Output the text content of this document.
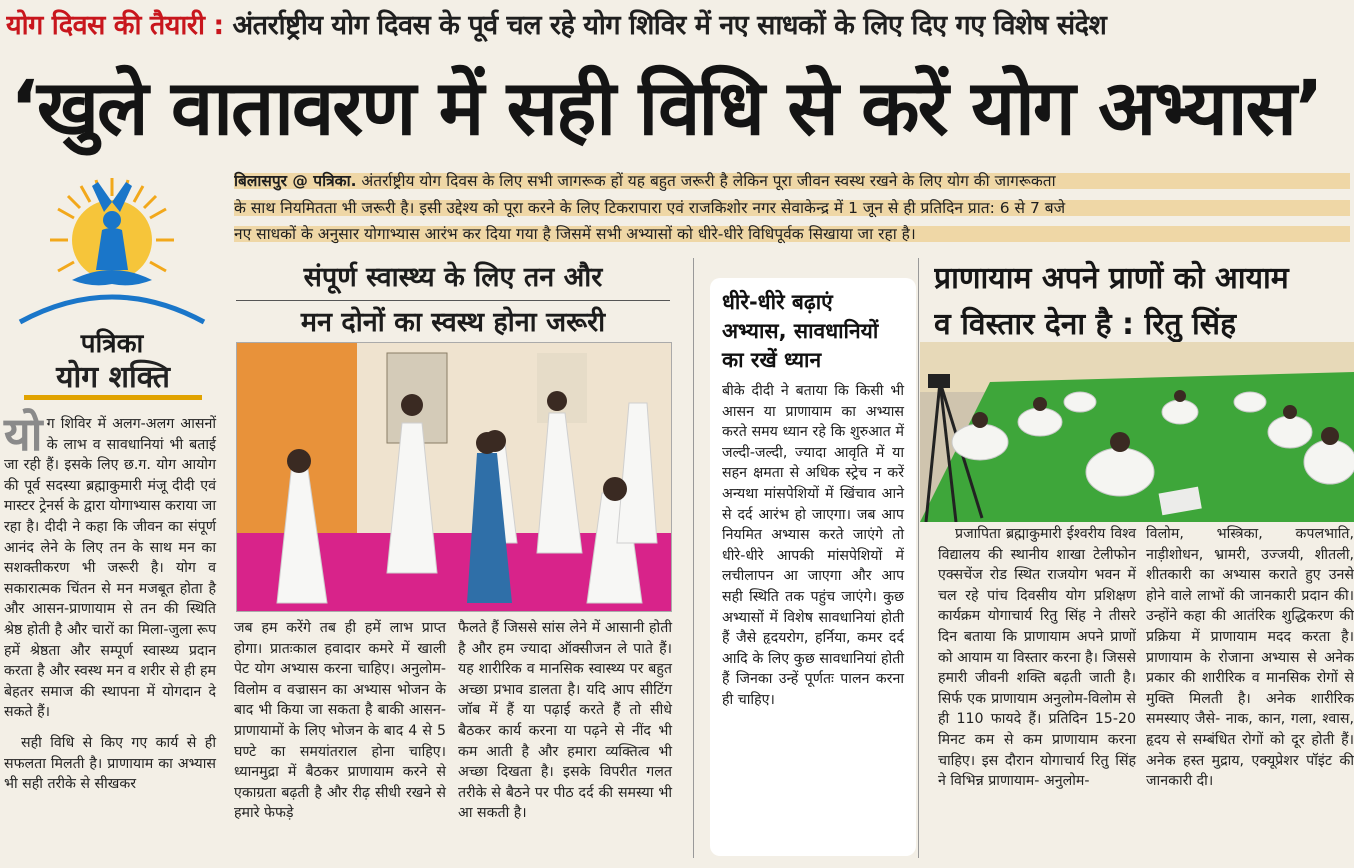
योग दिवस की तैयारी : अंतर्राष्ट्रीय योग दिवस के पूर्व चल रहे योग शिविर में नए साधकों के लिए दिए गए विशेष संदेश
‘खुले वातावरण में सही विधि से करें योग अभ्यास’
बिलासपुर @ पत्रिका. अंतर्राष्ट्रीय योग दिवस के लिए सभी जागरूक हों यह बहुत जरूरी है लेकिन पूरा जीवन स्वस्थ रखने के लिए योग की जागरूकता
के साथ नियमितता भी जरूरी है। इसी उद्देश्य को पूरा करने के लिए टिकरापारा एवं राजकिशोर नगर सेवाकेन्द्र में 1 जून से ही प्रतिदिन प्रात: 6 से 7 बजे
नए साधकों के अनुसार योगाभ्यास आरंभ कर दिया गया है जिसमें सभी अभ्यासों को धीरे-धीरे विधिपूर्वक सिखाया जा रहा है।
पत्रिका
योग शक्ति
यो ग शिविर में अलग-अलग आसनों के लाभ व सावधानियां भी बताई जा रही हैं। इसके लिए छ.ग. योग आयोग की पूर्व सदस्या ब्रह्माकुमारी मंजू दीदी एवं मास्टर ट्रेनर्स के द्वारा योगाभ्यास कराया जा रहा है। दीदी ने कहा कि जीवन का संपूर्ण आनंद लेने के लिए तन के साथ मन का सशक्तीकरण भी जरूरी है। योग व सकारात्मक चिंतन से मन मजबूत होता है और आसन-प्राणायाम से तन की स्थिति श्रेष्ठ होती है और चारों का मिला-जुला रूप हमें श्रेष्ठता और सम्पूर्ण स्वास्थ्य प्रदान करता है और स्वस्थ मन व शरीर से ही हम बेहतर समाज की स्थापना में योगदान दे सकते हैं।

सही विधि से किए गए कार्य से ही सफलता मिलती है। प्राणायाम का अभ्यास भी सही तरीके से सीखकर

संपूर्ण स्वास्थ्य के लिए तन और
मन दोनों का स्वस्थ होना जरूरी
जब हम करेंगे तब ही हमें लाभ प्राप्त होगा। प्रातःकाल हवादार कमरे में खाली पेट योग अभ्यास करना चाहिए। अनुलोम- विलोम व वज्रासन का अभ्यास भोजन के बाद भी किया जा सकता है बाकी आसन-प्राणायामों के लिए भोजन के बाद 4 से 5 घण्टे का समयांतराल होना चाहिए। ध्यानमुद्रा में बैठकर प्राणायाम करने से एकाग्रता बढ़ती है और रीढ़ सीधी रखने से हमारे फेफड़े
फैलते हैं जिससे सांस लेने में आसानी होती है और हम ज्यादा ऑक्सीजन ले पाते हैं। यह शारीरिक व मानसिक स्वास्थ्य पर बहुत अच्छा प्रभाव डालता है। यदि आप सीटिंग जॉब में हैं या पढ़ाई करते हैं तो सीधे बैठकर कार्य करना या पढ़ने से नींद भी कम आती है और हमारा व्यक्तित्व भी अच्छा दिखता है। इसके विपरीत गलत तरीके से बैठने पर पीठ दर्द की समस्या भी आ सकती है।
धीरे-धीरे बढ़ाएं अभ्यास, सावधानियों का रखें ध्यान
बीके दीदी ने बताया कि किसी भी आसन या प्राणायाम का अभ्यास करते समय ध्यान रहे कि शुरुआत में जल्दी-जल्दी, ज्यादा आवृति में या सहन क्षमता से अधिक स्ट्रेच न करें अन्यथा मांसपेशियों में खिंचाव आने से दर्द आरंभ हो जाएगा। जब आप नियमित अभ्यास करते जाएंगे तो धीरे-धीरे आपकी मांसपेशियों में लचीलापन आ जाएगा और आप सही स्थिति तक पहुंच जाएंगे। कुछ अभ्यासों में विशेष सावधानियां होती हैं जैसे हृदयरोग, हर्निया, कमर दर्द आदि के लिए कुछ सावधानियां होती हैं जिनका उन्हें पूर्णतः पालन करना ही चाहिए।
प्राणायाम अपने प्राणों को आयाम
व विस्तार देना है : रितु सिंह

प्रजापिता ब्रह्माकुमारी ईश्वरीय विश्व विद्यालय की स्थानीय शाखा टेलीफोन एक्सचेंज रोड स्थित राजयोग भवन में चल रहे पांच दिवसीय योग प्रशिक्षण कार्यक्रम योगाचार्य रितु सिंह ने तीसरे दिन बताया कि प्राणायाम अपने प्राणों को आयाम या विस्तार करना है। जिससे हमारी जीवनी शक्ति बढ़ती जाती है। सिर्फ एक प्राणायाम अनुलोम-विलोम से ही 110 फायदे हैं। प्रतिदिन 15-20 मिनट कम से कम प्राणायाम करना चाहिए। इस दौरान योगाचार्य रितु सिंह ने विभिन्न प्राणायाम- अनुलोम-

विलोम, भस्त्रिका, कपलभाति, नाड़ीशोधन, भ्रामरी, उज्जयी, शीतली, शीतकारी का अभ्यास कराते हुए उनसे होने वाले लाभों की जानकारी प्रदान की। उन्होंने कहा की आतंरिक शुद्धिकरण की प्रक्रिया में प्राणायाम मदद करता है। प्राणायाम के रोजाना अभ्यास से अनेक प्रकार की शारीरिक व मानसिक रोगों से मुक्ति मिलती है। अनेक शारीरिक समस्याए जैसे- नाक, कान, गला, श्वास, हृदय से सम्बंधित रोगों को दूर होती हैं। अनेक हस्त मुद्राय, एक्यूप्रेशर पॉइंट की जानकारी दी।
